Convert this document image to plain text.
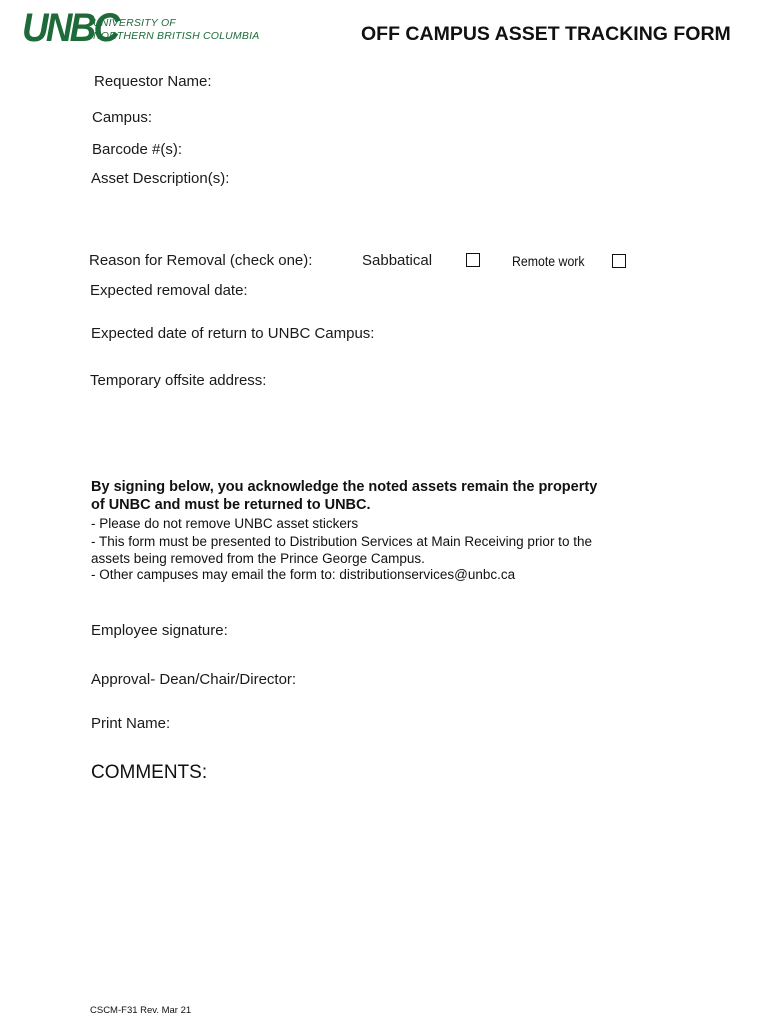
UNBC
UNIVERSITY OF
NORTHERN BRITISH COLUMBIA	OFF CAMPUS ASSET TRACKING FORM
Requestor Name:
Campus:
Barcode #(s):
Asset Description(s):
Reason for Removal (check one):	Sabbatical	Remote work
Expected removal date:
Expected date of return to UNBC Campus:
Temporary offsite address:
By signing below, you acknowledge the noted assets remain the property
of UNBC and must be returned to UNBC.
- Please do not remove UNBC asset stickers
- This form must be presented to Distribution Services at Main Receiving prior to the
assets being removed from the Prince George Campus.
- Other campuses may email the form to: distributionservices@unbc.ca
Employee signature:
Approval- Dean/Chair/Director:
Print Name:
COMMENTS:
CSCM-F31 Rev. Mar 21
